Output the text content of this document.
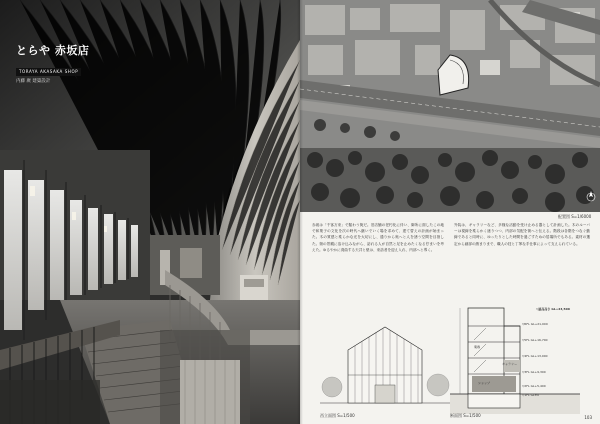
とらや 赤坂店
TORAYA AKASAKA SHOP
内藤 廣 建築設計
配置図 S=1/6000
赤坂は「千客万来」で賑わう街だ。旧店舗の老朽化に伴い、御所に面したこの地で和菓子の文化を次の時代へ継いでいく場を求めて、建て替えの計画が始まった。木の質感と柔らかな光を大切にし、通りから奥へと人を誘う空間を目指した。街の景観に溶け込みながら、訪れる人が自然と足を止めたくなる佇まいを考えた。ゆるやかに湾曲する天井と壁は、来訪者を迎え入れ、内部へと導く。
外装は、ギャラリーなど、多様な活動を受け止める器として計画した。木のルーバーは視線を柔らかく遮りつつ、内部の気配を街へと伝える。階段は各階をつなぐ動線であると同時に、ゆったりとした時間を過ごすための居場所でもある。素材の選定から細部の納まりまで、職人の技と丁寧な手仕事によって支えられている。
西立面図 S=1/500
▽最高高さ GL+24,500
▽RFL GL+21,000
▽5FL GL+16,700
▽4FL GL+13,000
▽3FL GL+9,300
▽2FL GL+5,400
▽1FL GL±0
ショップ
ギャラリー
菓寮
断面図 S=1/500	103
